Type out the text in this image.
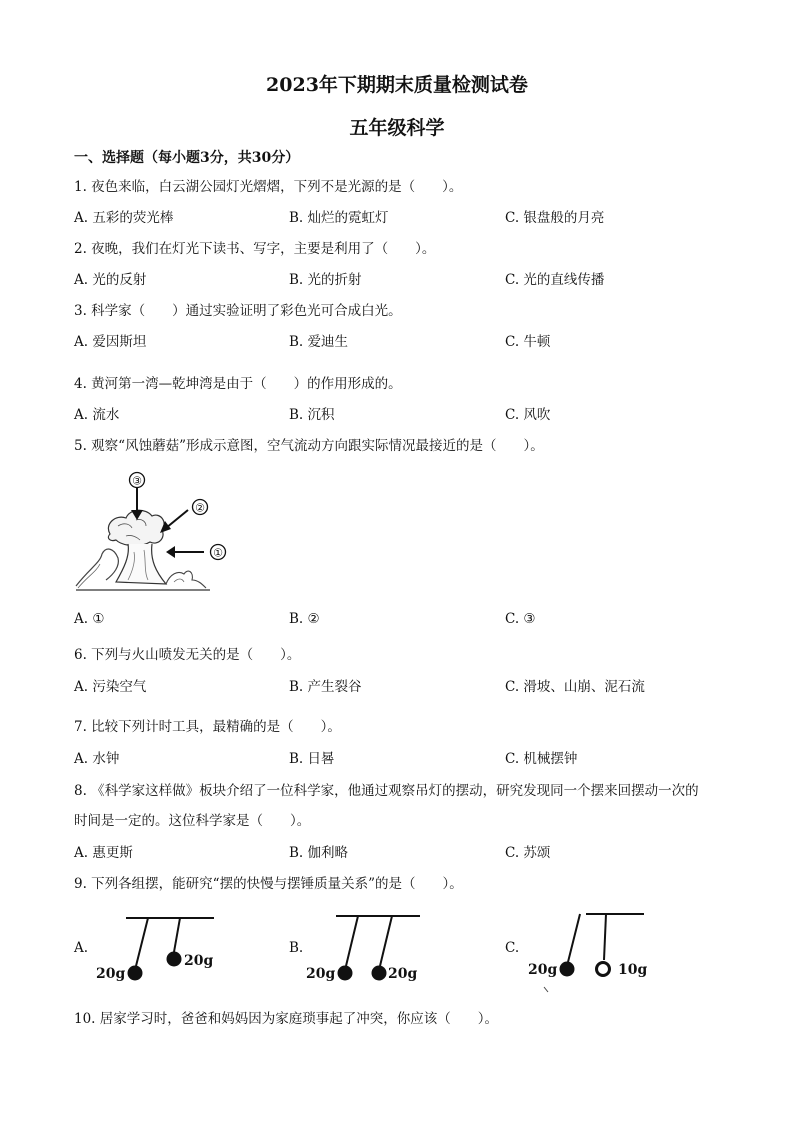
2023年下期期末质量检测试卷
五年级科学
一、选择题（每小题3分，共30分）
1. 夜色来临，白云湖公园灯光熠熠，下列不是光源的是（　　）。
A. 五彩的荧光棒	B. 灿烂的霓虹灯	C. 银盘般的月亮
2. 夜晚，我们在灯光下读书、写字，主要是利用了（　　）。
A. 光的反射	B. 光的折射	C. 光的直线传播
3. 科学家（　　）通过实验证明了彩色光可合成白光。
A. 爱因斯坦	B. 爱迪生	C. 牛顿
4. 黄河第一湾—乾坤湾是由于（　　）的作用形成的。
A. 流水	B. 沉积	C. 风吹
5. 观察“风蚀蘑菇”形成示意图，空气流动方向跟实际情况最接近的是（　　）。
③
②
①
A. ①	B. ②	C. ③
6. 下列与火山喷发无关的是（　　）。
A. 污染空气	B. 产生裂谷	C. 滑坡、山崩、泥石流
7. 比较下列计时工具，最精确的是（　　）。
A. 水钟	B. 日晷	C. 机械摆钟
8. 《科学家这样做》板块介绍了一位科学家，他通过观察吊灯的摆动，研究发现同一个摆来回摆动一次的
时间是一定的。这位科学家是（　　）。
A. 惠更斯	B. 伽利略	C. 苏颂
9. 下列各组摆，能研究“摆的快慢与摆锤质量关系”的是（　　）。
A.
20g
20g
B.
20g	20g
C.
20g	10g
10. 居家学习时，爸爸和妈妈因为家庭琐事起了冲突，你应该（　　）。
